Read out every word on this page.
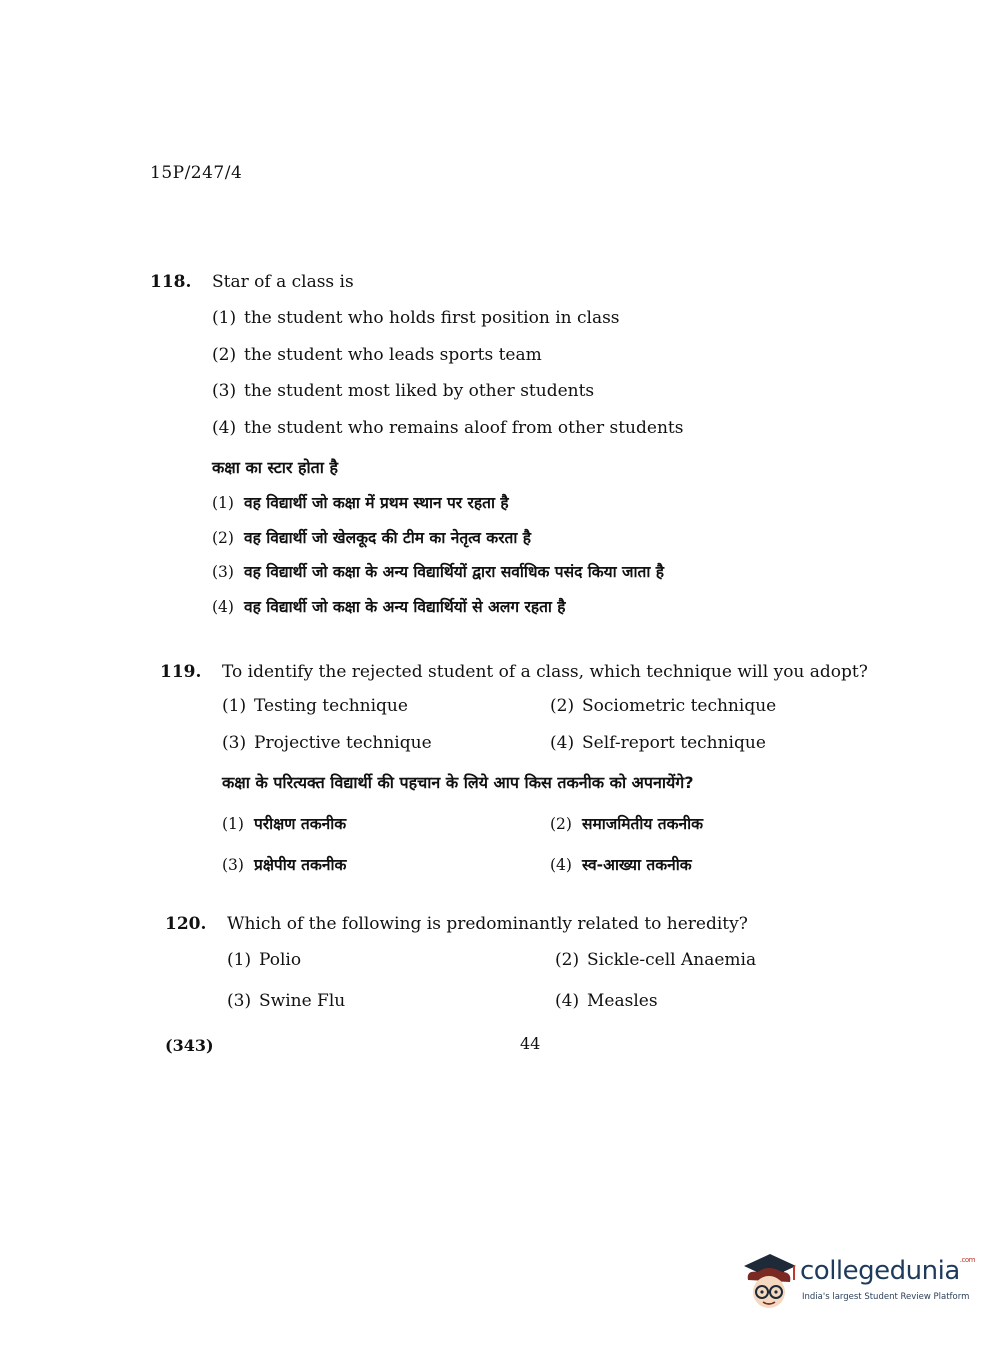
15P/247/4
118.	Star of a class is
(1) the student who holds first position in class
(2) the student who leads sports team
(3) the student most liked by other students
(4) the student who remains aloof from other students
कक्षा का स्टार होता है
(1) वह विद्यार्थी जो कक्षा में प्रथम स्थान पर रहता है
(2) वह विद्यार्थी जो खेलकूद की टीम का नेतृत्व करता है
(3) वह विद्यार्थी जो कक्षा के अन्य विद्यार्थियों द्वारा सर्वाधिक पसंद किया जाता है
(4) वह विद्यार्थी जो कक्षा के अन्य विद्यार्थियों से अलग रहता है
119.	To identify the rejected student of a class, which technique will you adopt?
(1) Testing technique	(2) Sociometric technique
(3) Projective technique	(4) Self-report technique
कक्षा के परित्यक्त विद्यार्थी की पहचान के लिये आप किस तकनीक को अपनायेंगे?
(1) परीक्षण तकनीक	(2) समाजमितीय तकनीक
(3) प्रक्षेपीय तकनीक	(4) स्व-आख्या तकनीक
120.	Which of the following is predominantly related to heredity?
(1) Polio	(2) Sickle-cell Anaemia
(3) Swine Flu	(4) Measles
(343)	44
collegedunia$^{.com}$
India's largest Student Review Platform
